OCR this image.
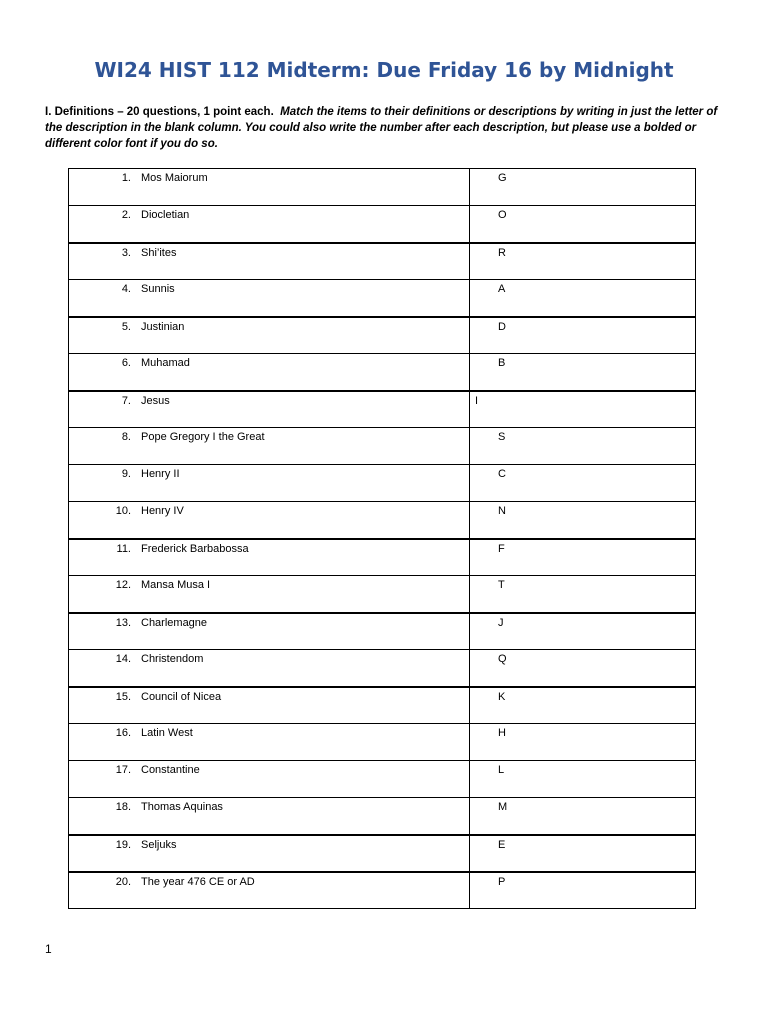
WI24 HIST 112 Midterm: Due Friday 16 by Midnight

I. Definitions – 20 questions, 1 point each. Match the items to their definitions or descriptions by writing in just the letter of the description in the blank column. You could also write the number after each description, but please use a bolded or different color font if you do so.

1. Mos Maiorum	G
2. Diocletian	O
3. Shi’ites	R
4. Sunnis	A
5. Justinian	D
6. Muhamad	B
7. Jesus	I
8. Pope Gregory I the Great	S
9. Henry II	C
10. Henry IV	N
11. Frederick Barbabossa	F
12. Mansa Musa I	T
13. Charlemagne	J
14. Christendom	Q
15. Council of Nicea	K
16. Latin West	H
17. Constantine	L
18. Thomas Aquinas	M
19. Seljuks	E
20. The year 476 CE or AD	P
1
